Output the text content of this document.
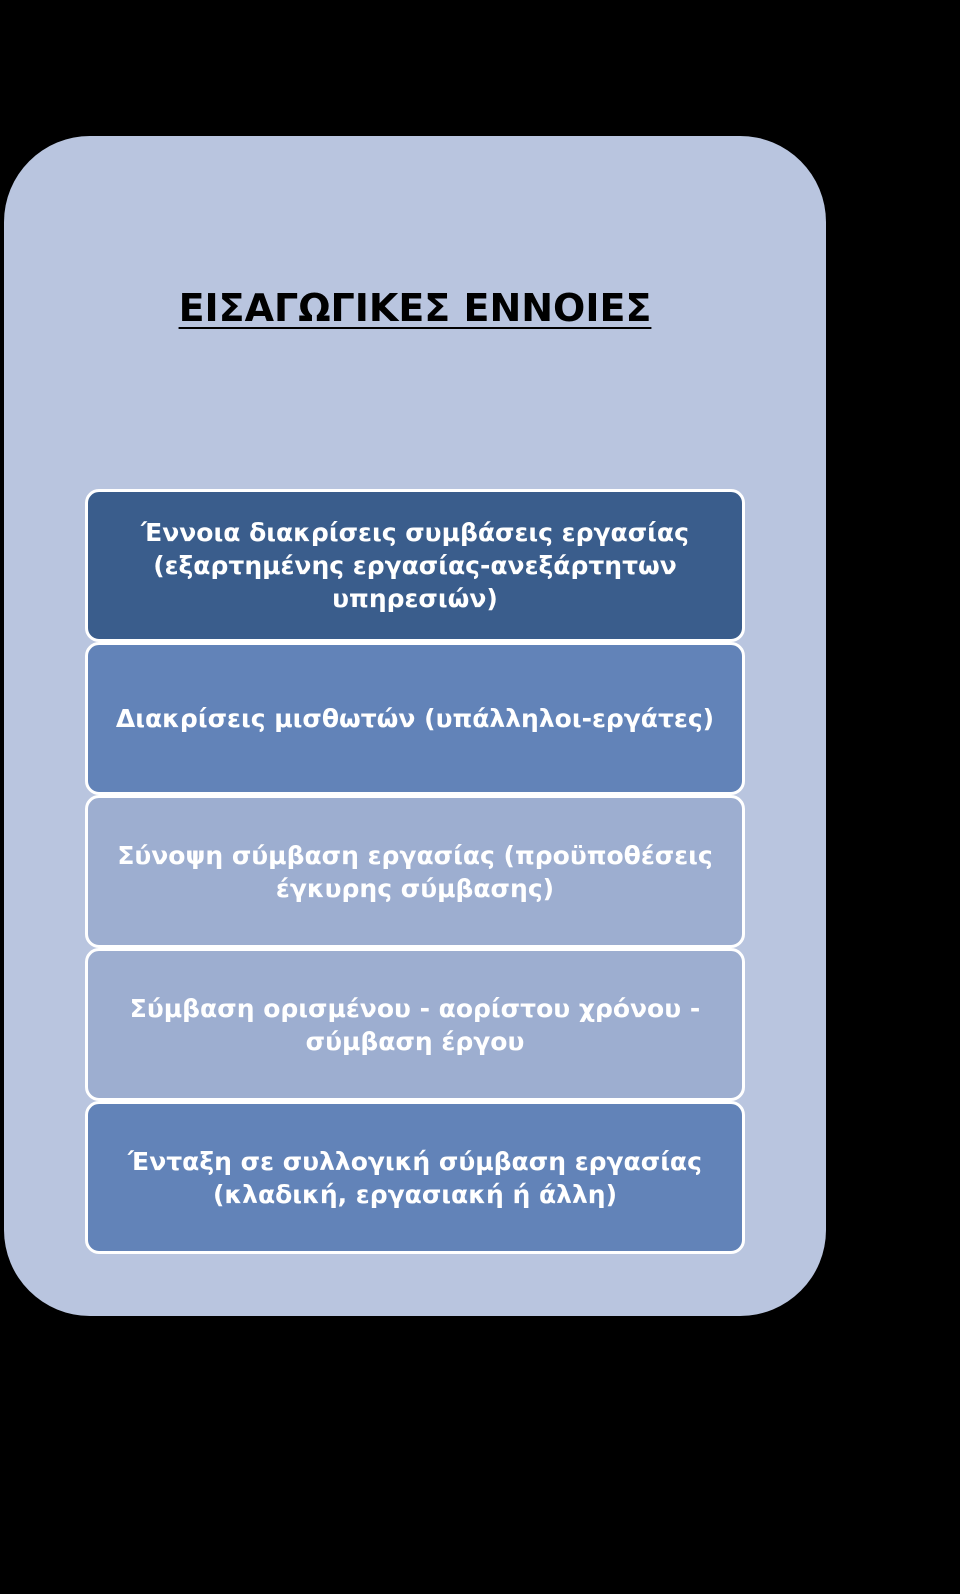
ΕΙΣΑΓΩΓΙΚΕΣ ΕΝΝΟΙΕΣ
Έννοια διακρίσεις συμβάσεις εργασίας
(εξαρτημένης εργασίας-ανεξάρτητων υπηρεσιών)
Διακρίσεις μισθωτών (υπάλληλοι-εργάτες)
Σύνοψη σύμβαση εργασίας (προϋποθέσεις
έγκυρης σύμβασης)
Σύμβαση ορισμένου - αορίστου χρόνου -
σύμβαση έργου
Ένταξη σε συλλογική σύμβαση εργασίας
(κλαδική, εργασιακή ή άλλη)
